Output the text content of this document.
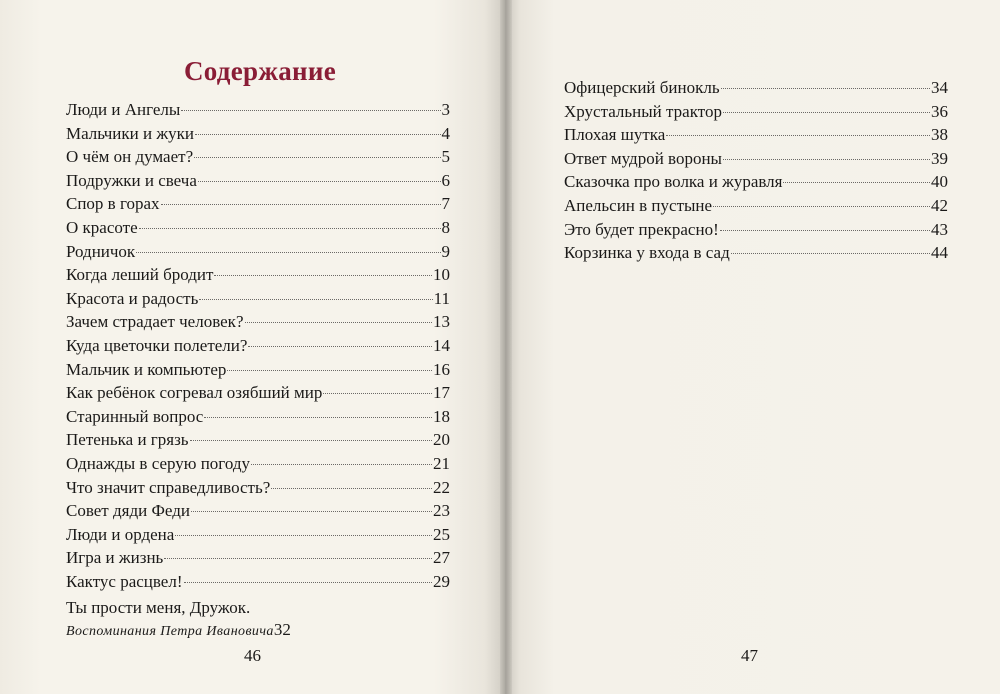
Содержание
Люди и Ангелы	3
Мальчики и жуки	4
О чём он думает?	5
Подружки и свеча	6
Спор в горах	7
О красоте	8
Родничок	9
Когда леший бродит	10
Красота и радость	11
Зачем страдает человек?	13
Куда цветочки полетели?	14
Мальчик и компьютер	16
Как ребёнок согревал озябший мир	17
Старинный вопрос	18
Петенька и грязь	20
Однажды в серую погоду	21
Что значит справедливость?	22
Совет дяди Феди	23
Люди и ордена	25
Игра и жизнь	27
Кактус расцвел!	29
Ты прости меня, Дружок.
Воспоминания Петра Ивановича 32
46
Офицерский бинокль	34
Хрустальный трактор	36
Плохая шутка	38
Ответ мудрой вороны	39
Сказочка про волка и журавля	40
Апельсин в пустыне	42
Это будет прекрасно!	43
Корзинка у входа в сад	44
47
